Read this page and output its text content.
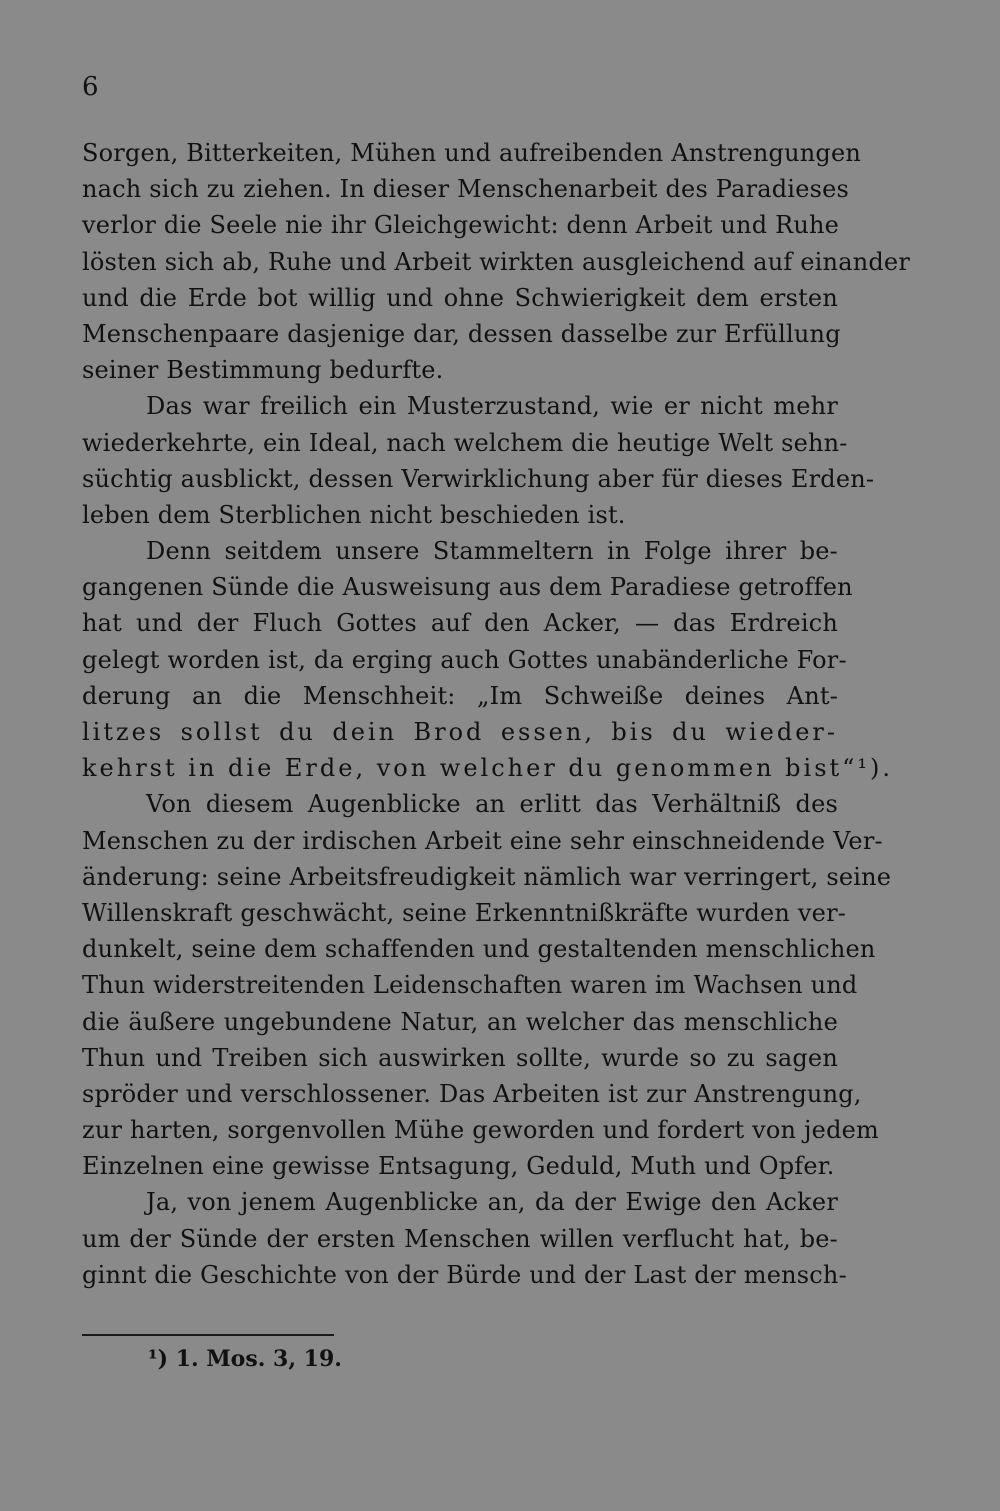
6
Sorgen, Bitterkeiten, Mühen und aufreibenden Anstrengungen
nach sich zu ziehen. In dieser Menschenarbeit des Paradieses
verlor die Seele nie ihr Gleichgewicht: denn Arbeit und Ruhe
lösten sich ab, Ruhe und Arbeit wirkten ausgleichend auf einander
und die Erde bot willig und ohne Schwierigkeit dem ersten
Menschenpaare dasjenige dar, dessen dasselbe zur Erfüllung
seiner Bestimmung bedurfte.
Das war freilich ein Musterzustand, wie er nicht mehr
wiederkehrte, ein Ideal, nach welchem die heutige Welt sehn-
süchtig ausblickt, dessen Verwirklichung aber für dieses Erden-
leben dem Sterblichen nicht beschieden ist.
Denn seitdem unsere Stammeltern in Folge ihrer be-
gangenen Sünde die Ausweisung aus dem Paradiese getroffen
hat und der Fluch Gottes auf den Acker, — das Erdreich
gelegt worden ist, da erging auch Gottes unabänderliche For-
derung an die Menschheit: „Im Schweiße deines Ant-
litzes sollst du dein Brod essen, bis du wieder-
kehrst in die Erde, von welcher du genommen bist“¹).
Von diesem Augenblicke an erlitt das Verhältniß des
Menschen zu der irdischen Arbeit eine sehr einschneidende Ver-
änderung: seine Arbeitsfreudigkeit nämlich war verringert, seine
Willenskraft geschwächt, seine Erkenntnißkräfte wurden ver-
dunkelt, seine dem schaffenden und gestaltenden menschlichen
Thun widerstreitenden Leidenschaften waren im Wachsen und
die äußere ungebundene Natur, an welcher das menschliche
Thun und Treiben sich auswirken sollte, wurde so zu sagen
spröder und verschlossener. Das Arbeiten ist zur Anstrengung,
zur harten, sorgenvollen Mühe geworden und fordert von jedem
Einzelnen eine gewisse Entsagung, Geduld, Muth und Opfer.
Ja, von jenem Augenblicke an, da der Ewige den Acker
um der Sünde der ersten Menschen willen verflucht hat, be-
ginnt die Geschichte von der Bürde und der Last der mensch-
¹) 1. Mos. 3, 19.
